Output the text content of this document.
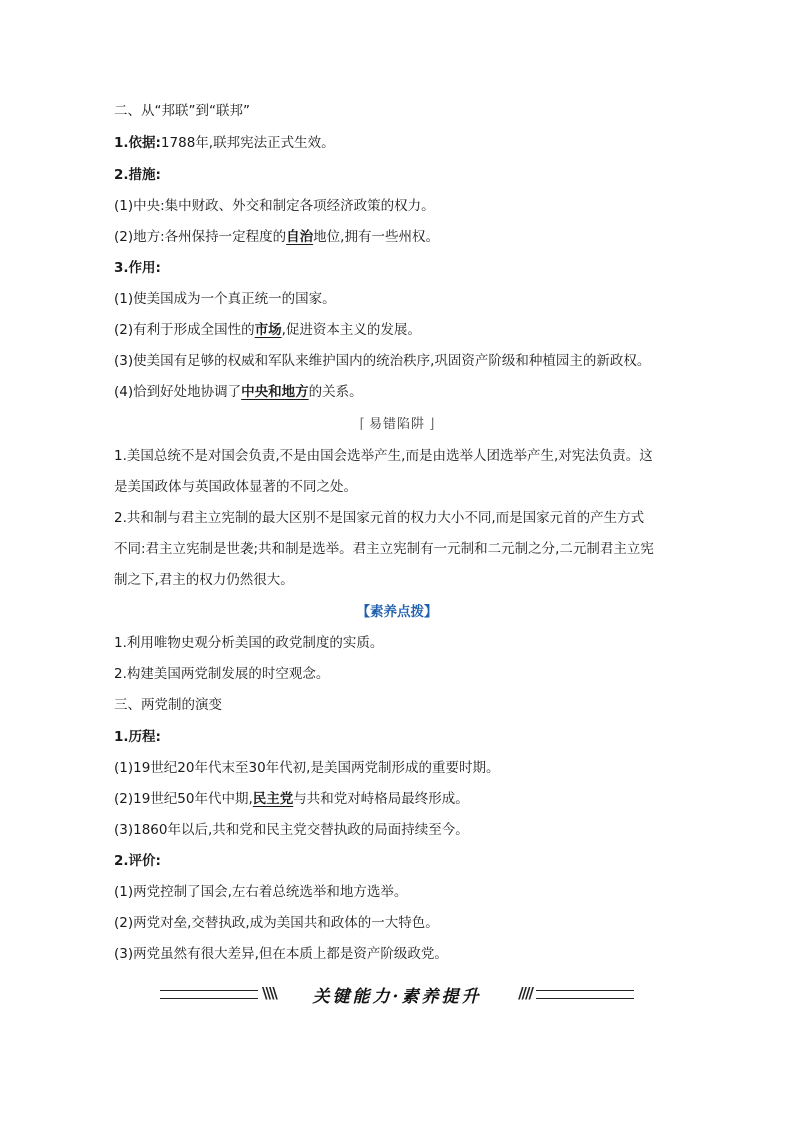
二、从“邦联”到“联邦”
1.依据:1788年,联邦宪法正式生效。
2.措施:
(1)中央:集中财政、外交和制定各项经济政策的权力。
(2)地方:各州保持一定程度的自治地位,拥有一些州权。
3.作用:
(1)使美国成为一个真正统一的国家。
(2)有利于形成全国性的市场,促进资本主义的发展。
(3)使美国有足够的权威和军队来维护国内的统治秩序,巩固资产阶级和种植园主的新政权。
(4)恰到好处地协调了中央和地方的关系。
⌈ 易错陷阱 ⌋
1.美国总统不是对国会负责,不是由国会选举产生,而是由选举人团选举产生,对宪法负责。这
是美国政体与英国政体显著的不同之处。
2.共和制与君主立宪制的最大区别不是国家元首的权力大小不同,而是国家元首的产生方式
不同:君主立宪制是世袭;共和制是选举。君主立宪制有一元制和二元制之分,二元制君主立宪
制之下,君主的权力仍然很大。
【素养点拨】
1.利用唯物史观分析美国的政党制度的实质。
2.构建美国两党制发展的时空观念。
三、两党制的演变
1.历程:
(1)19世纪20年代末至30年代初,是美国两党制形成的重要时期。
(2)19世纪50年代中期,民主党与共和党对峙格局最终形成。
(3)1860年以后,共和党和民主党交替执政的局面持续至今。
2.评价:
(1)两党控制了国会,左右着总统选举和地方选举。
(2)两党对垒,交替执政,成为美国共和政体的一大特色。
(3)两党虽然有很大差异,但在本质上都是资产阶级政党。
\\\\	关键能力·素养提升	////
